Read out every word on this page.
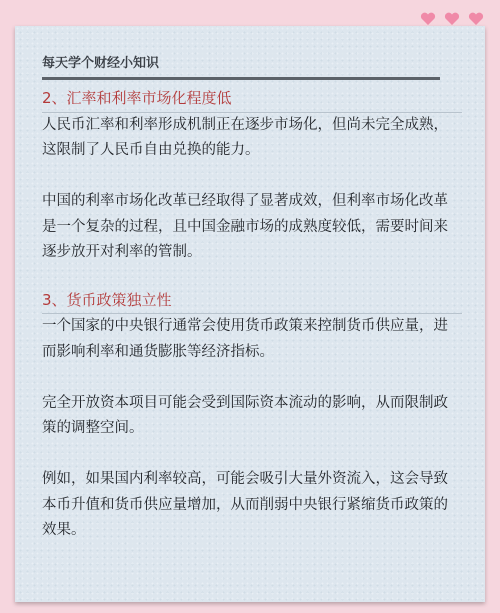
每天学个财经小知识
2、汇率和利率市场化程度低

人民币汇率和利率形成机制正在逐步市场化，但尚未完全成熟，这限制了人民币自由兑换的能力。

中国的利率市场化改革已经取得了显著成效，但利率市场化改革是一个复杂的过程，且中国金融市场的成熟度较低，需要时间来逐步放开对利率的管制。

3、货币政策独立性

一个国家的中央银行通常会使用货币政策来控制货币供应量，进而影响利率和通货膨胀等经济指标。

完全开放资本项目可能会受到国际资本流动的影响，从而限制政策的调整空间。

例如，如果国内利率较高，可能会吸引大量外资流入，这会导致本币升值和货币供应量增加，从而削弱中央银行紧缩货币政策的效果。
